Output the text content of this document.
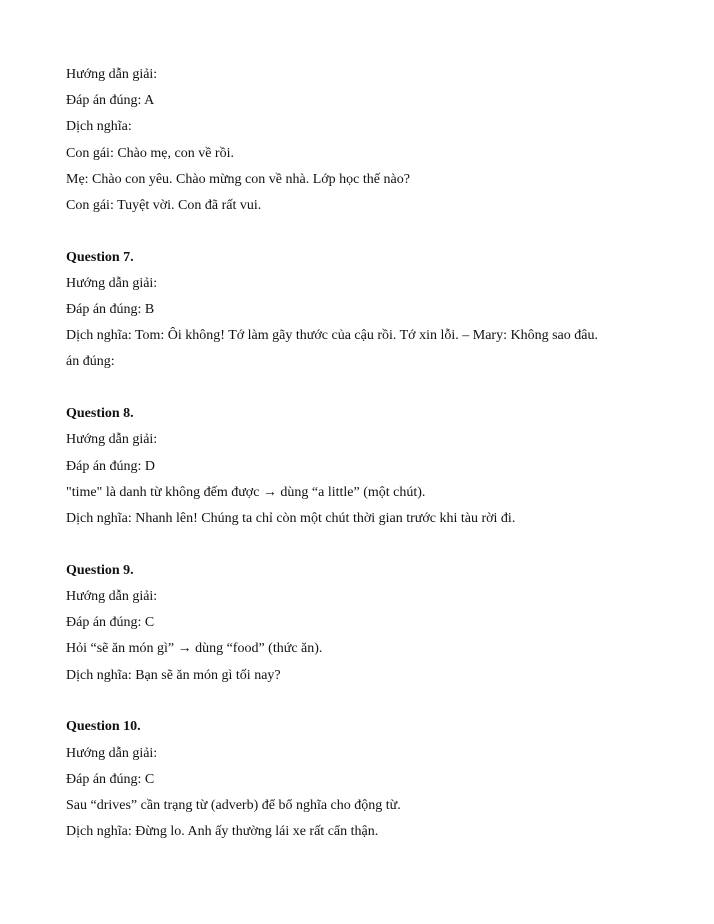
Hướng dẫn giải:
Đáp án đúng: A
Dịch nghĩa:
Con gái: Chào mẹ, con về rồi.
Mẹ: Chào con yêu. Chào mừng con về nhà. Lớp học thế nào?
Con gái: Tuyệt vời. Con đã rất vui.
Question 7.
Hướng dẫn giải:
Đáp án đúng: B
Dịch nghĩa: Tom: Ôi không! Tớ làm gãy thước của cậu rồi. Tớ xin lỗi. – Mary: Không sao đâu.
án đúng:
Question 8.
Hướng dẫn giải:
Đáp án đúng: D
"time" là danh từ không đếm được → dùng “a little” (một chút).
Dịch nghĩa: Nhanh lên! Chúng ta chỉ còn một chút thời gian trước khi tàu rời đi.
Question 9.
Hướng dẫn giải:
Đáp án đúng: C
Hỏi “sẽ ăn món gì” → dùng “food” (thức ăn).
Dịch nghĩa: Bạn sẽ ăn món gì tối nay?
Question 10.
Hướng dẫn giải:
Đáp án đúng: C
Sau “drives” cần trạng từ (adverb) để bổ nghĩa cho động từ.
Dịch nghĩa: Đừng lo. Anh ấy thường lái xe rất cẩn thận.
